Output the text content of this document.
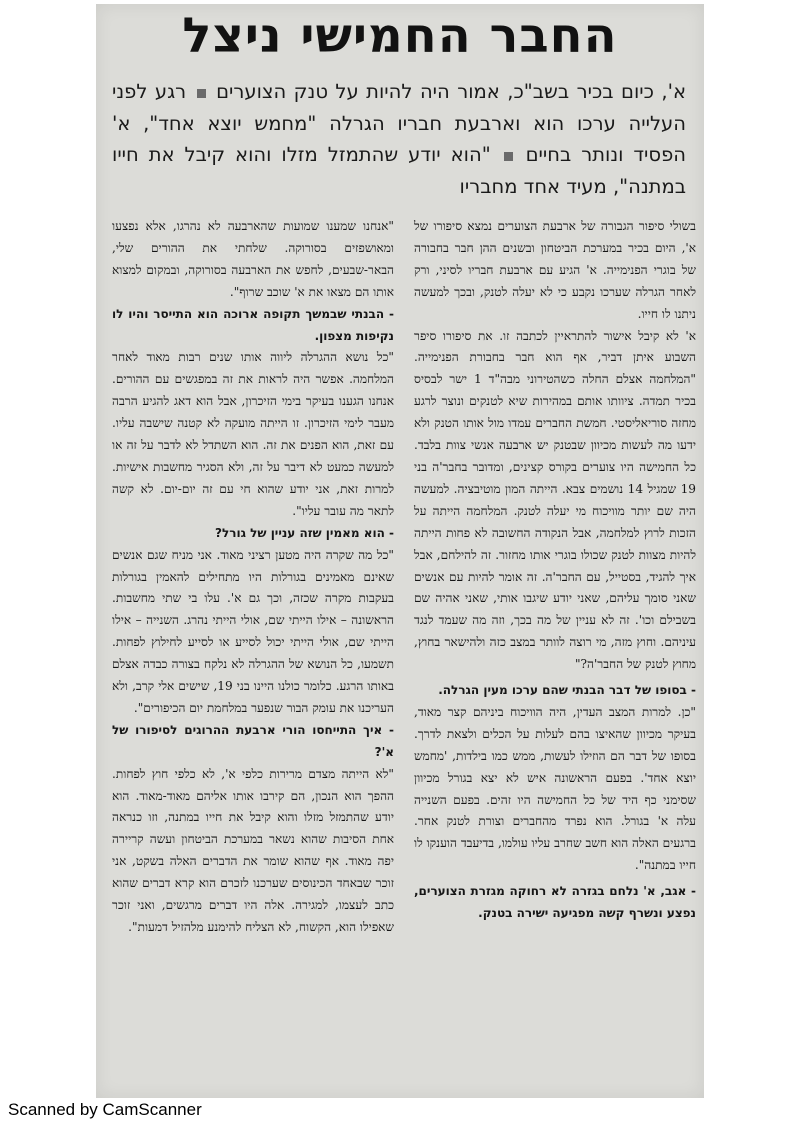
החבר החמישי ניצל
א', כיום בכיר בשב"כ, אמור היה להיות על טנק הצוערים  רגע לפני העלייה ערכו הוא וארבעת חבריו הגרלה "מחמש יוצא אחד", א' הפסיד ונותר בחיים  "הוא יודע שהתמזל מזלו והוא קיבל את חייו במתנה", מעיד אחד מחבריו

בשולי סיפור הגבורה של ארבעת הצוערים נמצא סיפורו של א', היום בכיר במערכת הביטחון ובשנים ההן חבר בחבורה של בוגרי הפנימייה. א' הגיע עם ארבעת חבריו לסיני, ורק לאחר הגרלה שערכו נקבע כי לא יעלה לטנק, ובכך למעשה ניתנו לו חייו.

א' לא קיבל אישור להתראיין לכתבה זו. את סיפורו סיפר השבוע איתן דביר, אף הוא חבר בחבורת הפנימייה. "המלחמה אצלם החלה כשהטירוני מבה"ד 1 ישר לבסיס בכיר תמדה. ציוותו אותם במהירות שיא לטנקים ונוצר לרגע מחזה סוריאליסטי. חמשת החברים עמדו מול אותו הטנק ולא ידעו מה לעשות מכיוון שבטנק יש ארבעה אנשי צוות בלבד. כל החמישה היו צוערים בקורס קצינים, ומדובר בחבר'ה בני 19 שמגיל 14 נושמים צבא. הייתה המון מוטיבציה. למעשה היה שם יותר מוויכוח מי יעלה לטנק. המלחמה הייתה על הזכות לרוץ למלחמה, אבל הנקודה החשובה לא פחות הייתה להיות מצוות לטנק שכולו בוגרי אותו מחזור. זה להילחם, אבל איך להגיד, בסטייל, עם החבר'ה. זה אומר להיות עם אנשים שאני סומך עליהם, שאני יודע שיגבו אותי, שאני אהיה שם בשבילם וכו'. זה לא עניין של מה בכך, וזה מה שעמד לנגד עיניהם. וחוץ מזה, מי רוצה לוותר במצב כזה ולהישאר בחוץ, מחוץ לטנק של החבר'ה?"

- בסופו של דבר הבנתי שהם ערכו מעין הגרלה.

"כן. למרות המצב העדין, היה הוויכוח ביניהם קצר מאוד, בעיקר מכיוון שהאיצו בהם לעלות על הכלים ולצאת לדרך. בסופו של דבר הם הוזילו לעשות, ממש כמו בילדות, 'מחמש יוצא אחד'. בפעם הראשונה איש לא יצא בגורל מכיוון שסימני כף היד של כל החמישה היו זהים. בפעם השנייה עלה א' בגורל. הוא נפרד מהחברים וצורת לטנק אחר. ברגעים האלה הוא חשב שחרב עליו עולמו, בדיעבד הוענקו לו חייו במתנה".

- אגב, א' נלחם בגזרה לא רחוקה מגזרת הצוערים, נפצע ונשרף קשה מפגיעה ישירה בטנק.

"אנחנו שמענו שמועות שהארבעה לא נהרגו, אלא נפצעו ומאושפזים בסורוקה. שלחתי את ההורים שלי, הבאר-שבעים, לחפש את הארבעה בסורוקה, ובמקום למצוא אותו הם מצאו את א' שוכב שרוף".

- הבנתי שבמשך תקופה ארוכה הוא התייסר והיו לו נקיפות מצפון.

"כל נושא ההגרלה ליווה אותו שנים רבות מאוד לאחר המלחמה. אפשר היה לראות את זה במפגשים עם ההורים. אנחנו הגענו בעיקר בימי הזיכרון, אבל הוא דאג להגיע הרבה מעבר לימי הזיכרון. זו הייתה מועקה לא קטנה שישבה עליו. עם זאת, הוא הפנים את זה. הוא השתדל לא לדבר על זה או למעשה כמעט לא דיבר על זה, ולא הסגיר מחשבות אישיות. למרות זאת, אני יודע שהוא חי עם זה יום-יום. לא קשה לתאר מה עובר עליו".

- הוא מאמין שזה עניין של גורל?

"כל מה שקרה היה מטען רציני מאוד. אני מניח שגם אנשים שאינם מאמינים בגורלות היו מתחילים להאמין בגורלות בעקבות מקרה שכזה, וכך גם א'. עלו בי שתי מחשבות. הראשונה – אילו הייתי שם, אולי הייתי נהרג. השנייה – אילו הייתי שם, אולי הייתי יכול לסייע או לסייע לחילוץ לפחות. תשמעו, כל הנושא של ההגרלה לא נלקח בצורה כבדה אצלם באותו הרגע. כלומר כולנו היינו בני 19, שישים אלי קרב, ולא העריכנו את עומק הבור שנפער במלחמת יום הכיפורים".

- איך התייחסו הורי ארבעת ההרוגים לסיפורו של א'?

"לא הייתה מצדם מרירות כלפי א', לא כלפי חוץ לפחות. ההפך הוא הנכון, הם קירבו אותו אליהם מאוד-מאוד. הוא יודע שהתמזל מזלו והוא קיבל את חייו במתנה, וזו כנראה אחת הסיבות שהוא נשאר במערכת הביטחון ועשה קריירה יפה מאוד. אף שהוא שומר את הדברים האלה בשקט, אני זוכר שבאחד הכינוסים שערכנו לזכרם הוא קרא דברים שהוא כתב לעצמו, למגירה. אלה היו דברים מרגשים, ואני זוכר שאפילו הוא, הקשוח, לא הצליח להימנע מלהזיל דמעות".

Scanned by CamScanner
